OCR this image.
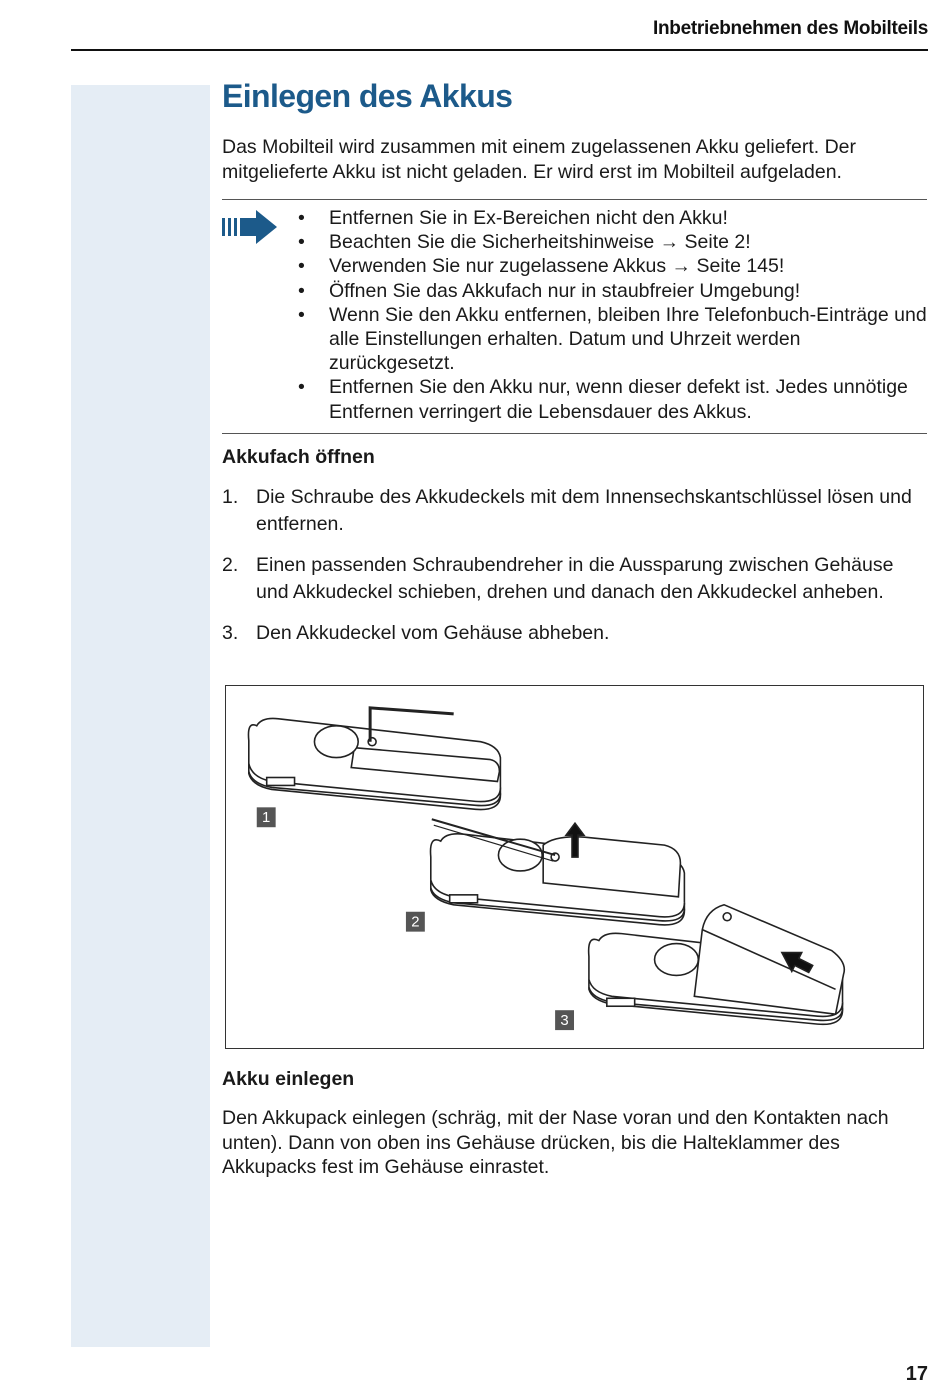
Inbetriebnehmen des Mobilteils
Einlegen des Akkus

Das Mobilteil wird zusammen mit einem zugelassenen Akku geliefert. Der mitgelieferte Akku ist nicht geladen. Er wird erst im Mobilteil aufgeladen.

• Entfernen Sie in Ex-Bereichen nicht den Akku!
• Beachten Sie die Sicherheitshinweise → Seite 2!
• Verwenden Sie nur zugelassene Akkus → Seite 145!
• Öffnen Sie das Akkufach nur in staubfreier Umgebung!
• Wenn Sie den Akku entfernen, bleiben Ihre Telefonbuch-Einträge und alle Einstellungen erhalten. Datum und Uhrzeit werden zurückgesetzt.
• Entfernen Sie den Akku nur, wenn dieser defekt ist. Jedes unnötige Entfernen verringert die Lebensdauer des Akkus.
Akkufach öffnen
1. Die Schraube des Akkudeckels mit dem Innensechskantschlüssel lösen und entfernen.
2. Einen passenden Schraubendreher in die Aussparung zwischen Gehäuse und Akkudeckel schieben, drehen und danach den Akkudeckel anheben.
3. Den Akkudeckel vom Gehäuse abheben.
1
2
3
Akku einlegen

Den Akkupack einlegen (schräg, mit der Nase voran und den Kontakten nach unten). Dann von oben ins Gehäuse drücken, bis die Halteklammer des Akkupacks fest im Gehäuse einrastet.

17
